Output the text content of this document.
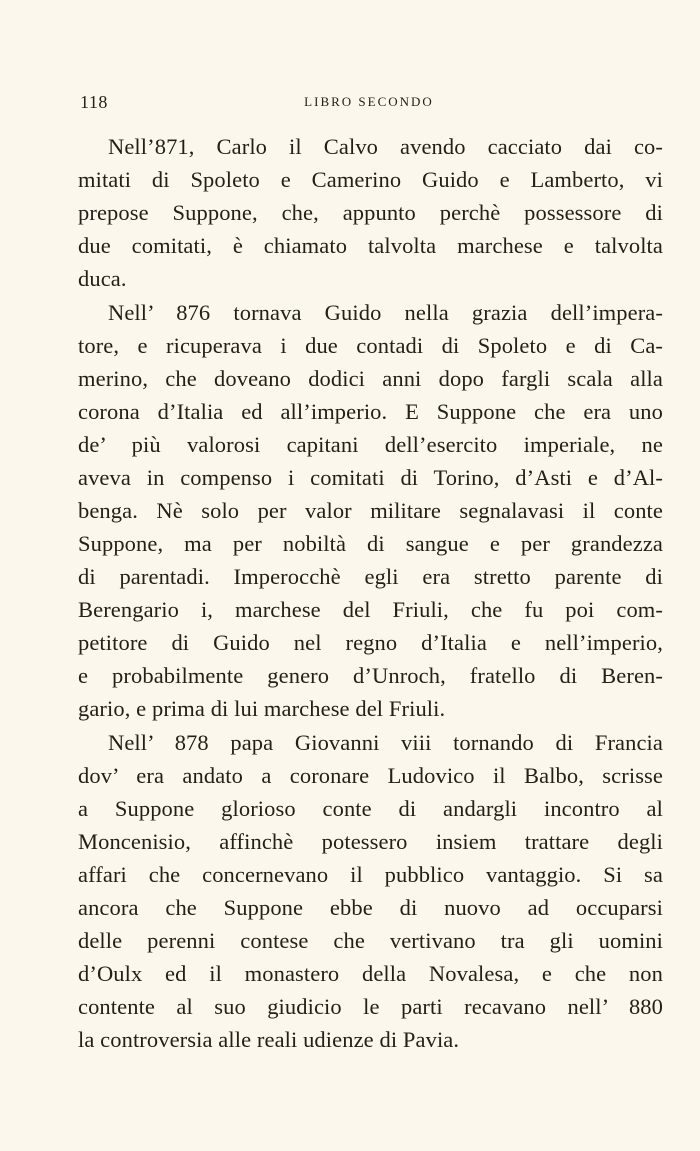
118	LIBRO SECONDO
Nell’871, Carlo il Calvo avendo cacciato dai co-
mitati di Spoleto e Camerino Guido e Lamberto, vi
prepose Suppone, che, appunto perchè possessore di
due comitati, è chiamato talvolta marchese e talvolta
duca.
Nell’ 876 tornava Guido nella grazia dell’impera-
tore, e ricuperava i due contadi di Spoleto e di Ca-
merino, che doveano dodici anni dopo fargli scala alla
corona d’Italia ed all’imperio. E Suppone che era uno
de’ più valorosi capitani dell’esercito imperiale, ne
aveva in compenso i comitati di Torino, d’Asti e d’Al-
benga. Nè solo per valor militare segnalavasi il conte
Suppone, ma per nobiltà di sangue e per grandezza
di parentadi. Imperocchè egli era stretto parente di
Berengario i, marchese del Friuli, che fu poi com-
petitore di Guido nel regno d’Italia e nell’imperio,
e probabilmente genero d’Unroch, fratello di Beren-
gario, e prima di lui marchese del Friuli.
Nell’ 878 papa Giovanni viii tornando di Francia
dov’ era andato a coronare Ludovico il Balbo, scrisse
a Suppone glorioso conte di andargli incontro al
Moncenisio, affinchè potessero insiem trattare degli
affari che concernevano il pubblico vantaggio. Si sa
ancora che Suppone ebbe di nuovo ad occuparsi
delle perenni contese che vertivano tra gli uomini
d’Oulx ed il monastero della Novalesa, e che non
contente al suo giudicio le parti recavano nell’ 880
la controversia alle reali udienze di Pavia.
